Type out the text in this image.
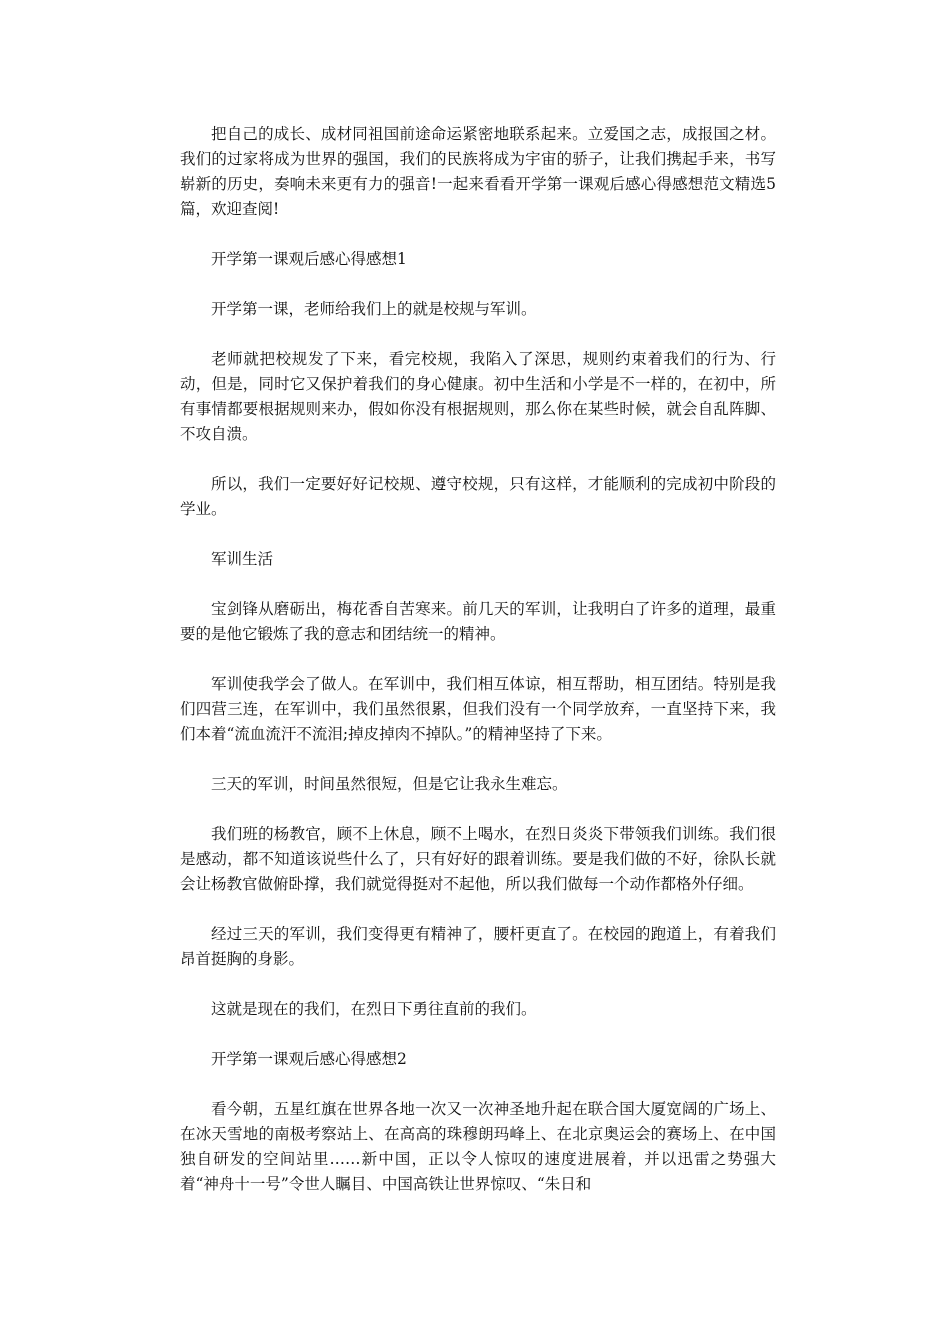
把自己的成长、成材同祖国前途命运紧密地联系起来。立爱国之志，成报国之材。我们的过家将成为世界的强国，我们的民族将成为宇宙的骄子，让我们携起手来，书写崭新的历史，奏响未来更有力的强音!一起来看看开学第一课观后感心得感想范文精选5篇，欢迎查阅!

开学第一课观后感心得感想1

开学第一课，老师给我们上的就是校规与军训。

老师就把校规发了下来，看完校规，我陷入了深思，规则约束着我们的行为、行动，但是，同时它又保护着我们的身心健康。初中生活和小学是不一样的，在初中，所有事情都要根据规则来办，假如你没有根据规则，那么你在某些时候，就会自乱阵脚、不攻自溃。

所以，我们一定要好好记校规、遵守校规，只有这样，才能顺利的完成初中阶段的学业。

军训生活

宝剑锋从磨砺出，梅花香自苦寒来。前几天的军训，让我明白了许多的道理，最重要的是他它锻炼了我的意志和团结统一的精神。

军训使我学会了做人。在军训中，我们相互体谅，相互帮助，相互团结。特别是我们四营三连，在军训中，我们虽然很累，但我们没有一个同学放弃，一直坚持下来，我们本着“流血流汗不流泪;掉皮掉肉不掉队。”的精神坚持了下来。

三天的军训，时间虽然很短，但是它让我永生难忘。

我们班的杨教官，顾不上休息，顾不上喝水，在烈日炎炎下带领我们训练。我们很是感动，都不知道该说些什么了，只有好好的跟着训练。要是我们做的不好，徐队长就会让杨教官做俯卧撑，我们就觉得挺对不起他，所以我们做每一个动作都格外仔细。

经过三天的军训，我们变得更有精神了，腰杆更直了。在校园的跑道上，有着我们昂首挺胸的身影。

这就是现在的我们，在烈日下勇往直前的我们。

开学第一课观后感心得感想2

看今朝，五星红旗在世界各地一次又一次神圣地升起在联合国大厦宽阔的广场上、在冰天雪地的南极考察站上、在高高的珠穆朗玛峰上、在北京奥运会的赛场上、在中国独自研发的空间站里……新中国，正以令人惊叹的速度进展着，并以迅雷之势强大着“神舟十一号”令世人瞩目、中国高铁让世界惊叹、“朱日和
